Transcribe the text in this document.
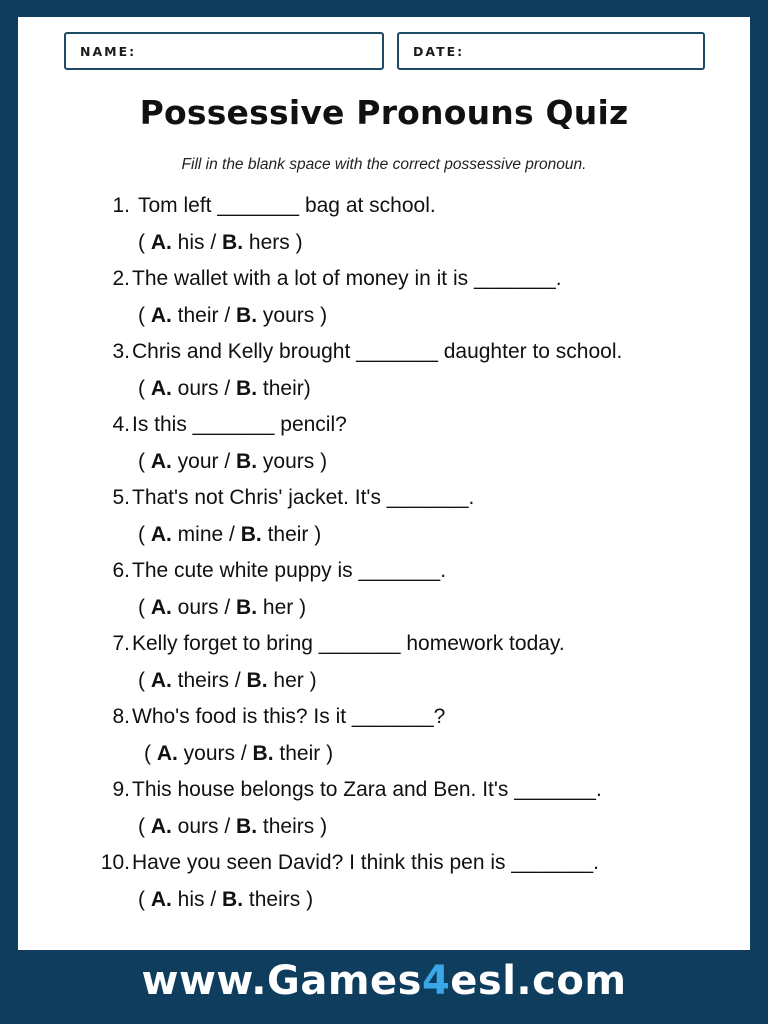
NAME:	DATE:
Possessive Pronouns Quiz
Fill in the blank space with the correct possessive pronoun.
1. Tom left _______ bag at school.
( A. his / B. hers )
2. The wallet with a lot of money in it is _______.
( A. their / B. yours )
3. Chris and Kelly brought _______ daughter to school.
( A. ours / B. their)
4. Is this _______ pencil?
( A. your / B. yours )
5. That's not Chris' jacket. It's _______.
( A. mine / B. their )
6. The cute white puppy is _______.
( A. ours / B. her )
7. Kelly forget to bring _______ homework today.
( A. theirs / B. her )
8. Who's food is this? Is it _______?
( A. yours / B. their )
9. This house belongs to Zara and Ben. It's _______.
( A. ours / B. theirs )
10. Have you seen David? I think this pen is _______.
( A. his / B. theirs )
www.Games4esl.com
